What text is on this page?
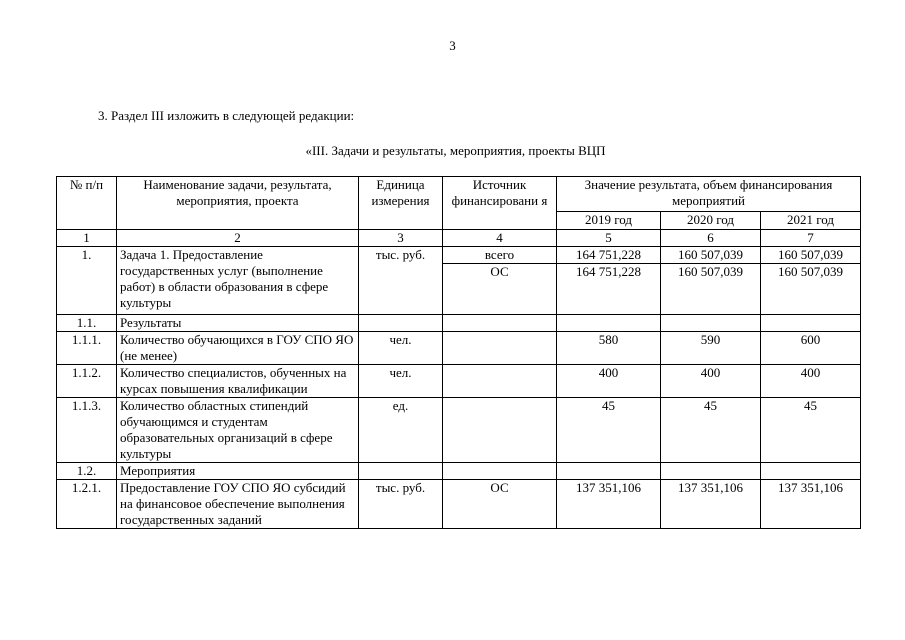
3
3. Раздел III изложить в следующей редакции:
«III. Задачи и результаты, мероприятия, проекты ВЦП
№ п/п	Наименование задачи, результата, мероприятия, проекта	Единица измерения	Источник финансировани я	Значение результата, объем финансирования мероприятий		
				2019 год	2020 год	2021 год
1	2	3	4	5	6	7
1.	Задача 1. Предоставление государственных услуг (выполнение работ) в области образования в сфере культуры	тыс. руб.	всего	164 751,228	160 507,039	160 507,039
			ОС	164 751,228	160 507,039	160 507,039
1.1.	Результаты					
1.1.1.	Количество обучающихся в ГОУ СПО ЯО (не менее)	чел.		580	590	600
1.1.2.	Количество специалистов, обученных на курсах повышения квалификации	чел.		400	400	400
1.1.3.	Количество областных стипендий обучающимся и студентам образовательных организаций в сфере культуры	ед.		45	45	45
1.2.	Мероприятия					
1.2.1.	Предоставление ГОУ СПО ЯО субсидий на финансовое обеспечение выполнения государственных заданий	тыс. руб.	ОС	137 351,106	137 351,106	137 351,106
